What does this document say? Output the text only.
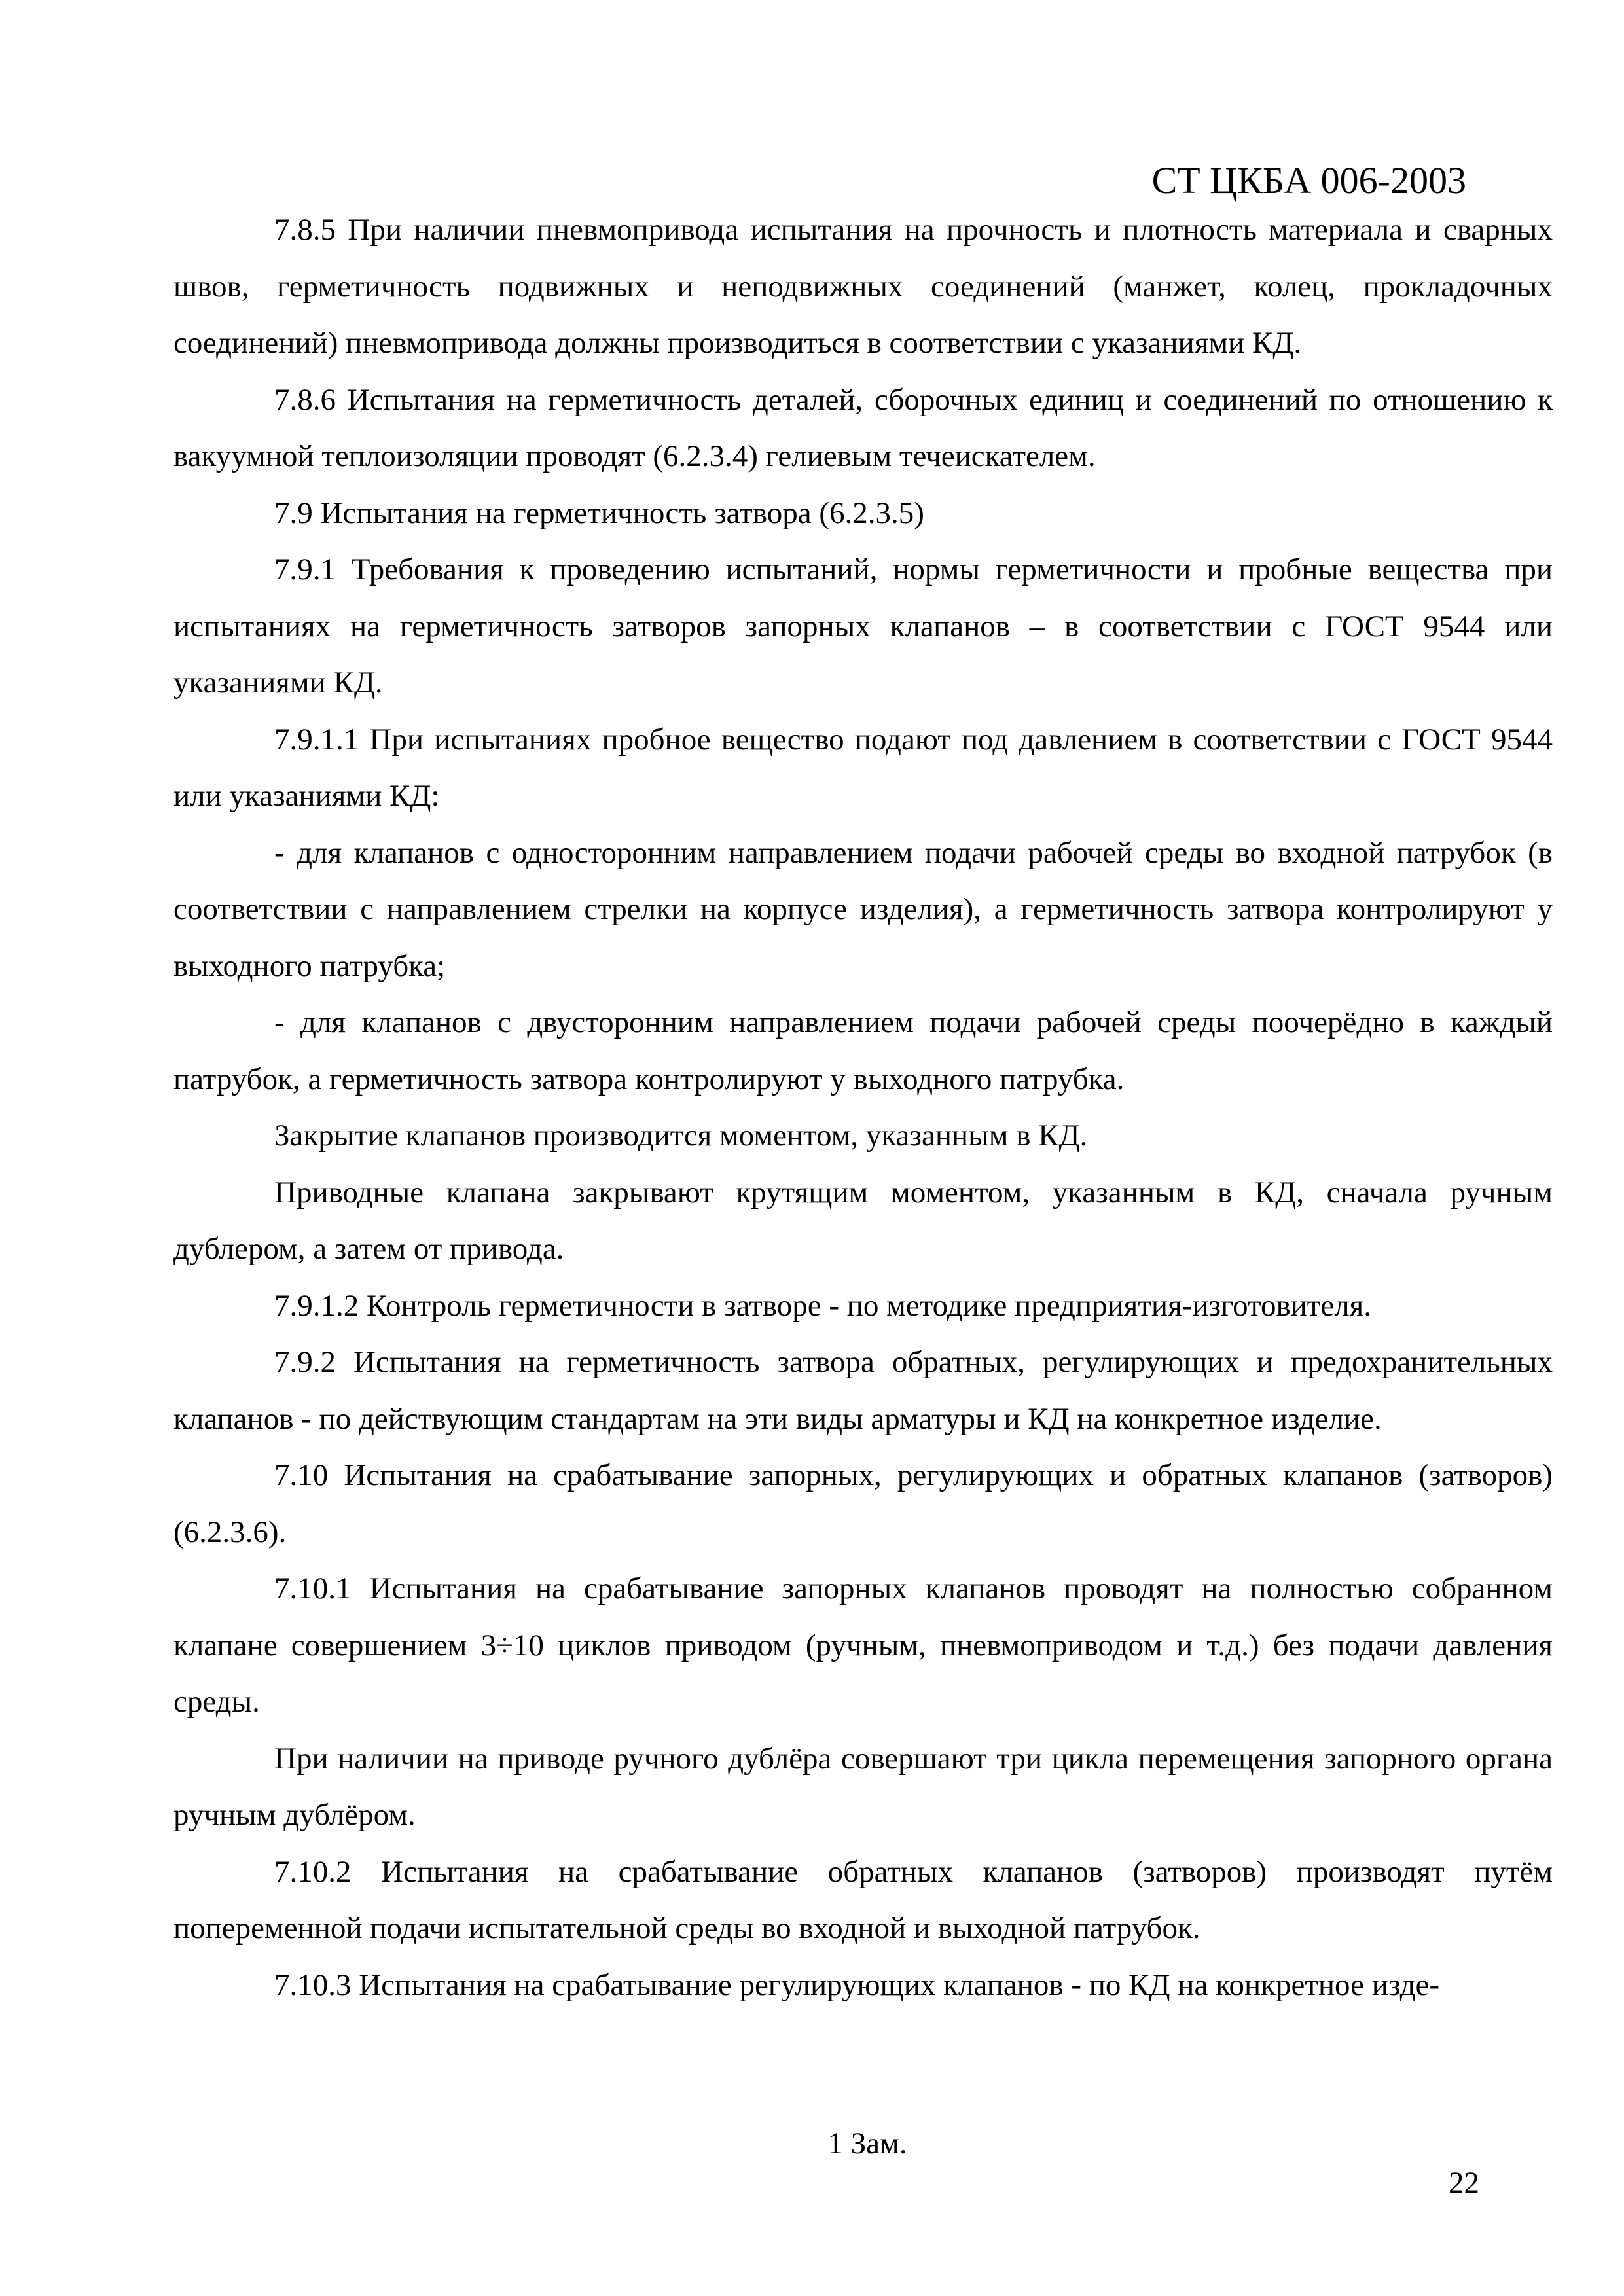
СТ ЦКБА 006-2003

7.8.5 При наличии пневмопривода испытания на прочность и плотность материала и сварных швов, герметичность подвижных и неподвижных соединений (манжет, колец, прокладочных соединений) пневмопривода должны производиться в соответствии с указаниями КД.

7.8.6 Испытания на герметичность деталей, сборочных единиц и соединений по отношению к вакуумной теплоизоляции проводят (6.2.3.4) гелиевым течеискателем.

7.9 Испытания на герметичность затвора (6.2.3.5)

7.9.1 Требования к проведению испытаний, нормы герметичности и пробные вещества при испытаниях на герметичность затворов запорных клапанов – в соответствии с ГОСТ 9544 или указаниями КД.

7.9.1.1 При испытаниях пробное вещество подают под давлением в соответствии с ГОСТ 9544 или указаниями КД:

- для клапанов с односторонним направлением подачи рабочей среды во входной патрубок (в соответствии с направлением стрелки на корпусе изделия), а герметичность затвора контролируют у выходного патрубка;

- для клапанов с двусторонним направлением подачи рабочей среды поочерёдно в каждый патрубок, а герметичность затвора контролируют у выходного патрубка.

Закрытие клапанов производится моментом, указанным в КД.

Приводные клапана закрывают крутящим моментом, указанным в КД, сначала ручным дублером, а затем от привода.

7.9.1.2 Контроль герметичности в затворе - по методике предприятия-изготовителя.

7.9.2 Испытания на герметичность затвора обратных, регулирующих и предохранительных клапанов - по действующим стандартам на эти виды арматуры и КД на конкретное изделие.

7.10 Испытания на срабатывание запорных, регулирующих и обратных клапанов (затворов) (6.2.3.6).

7.10.1 Испытания на срабатывание запорных клапанов проводят на полностью собранном клапане совершением 3÷10 циклов приводом (ручным, пневмоприводом и т.д.) без подачи давления среды.

При наличии на приводе ручного дублёра совершают три цикла перемещения запорного органа ручным дублёром.

7.10.2 Испытания на срабатывание обратных клапанов (затворов) производят путём попеременной подачи испытательной среды во входной и выходной патрубок.

7.10.3 Испытания на срабатывание регулирующих клапанов - по КД на конкретное изде-

1 Зам.
22
